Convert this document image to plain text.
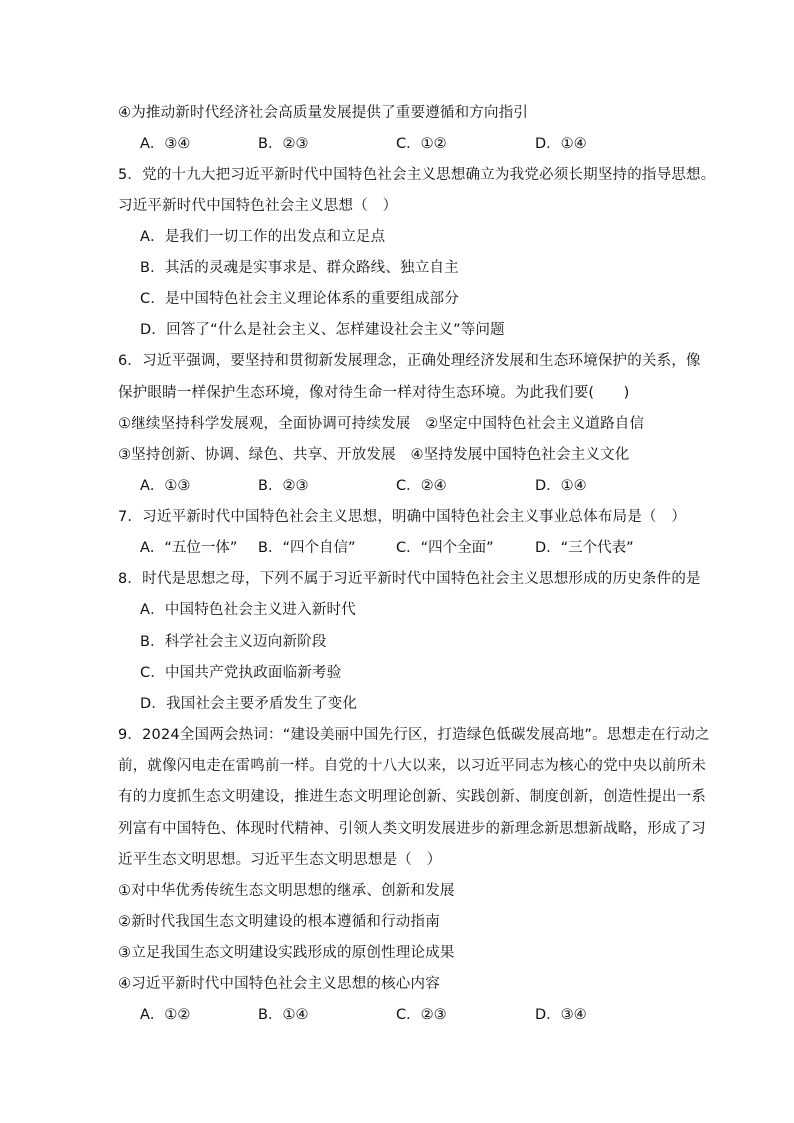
④为推动新时代经济社会高质量发展提供了重要遵循和方向指引
A．③④	B．②③	C．①②	D．①④
5．党的十九大把习近平新时代中国特色社会主义思想确立为我党必须长期坚持的指导思想。
习近平新时代中国特色社会主义思想（　）
A．是我们一切工作的出发点和立足点
B．其活的灵魂是实事求是、群众路线、独立自主
C．是中国特色社会主义理论体系的重要组成部分
D．回答了“什么是社会主义、怎样建设社会主义”等问题
6．习近平强调，要坚持和贯彻新发展理念，正确处理经济发展和生态环境保护的关系，像
保护眼睛一样保护生态环境，像对待生命一样对待生态环境。为此我们要(　　)
①继续坚持科学发展观，全面协调可持续发展　②坚定中国特色社会主义道路自信
③坚持创新、协调、绿色、共享、开放发展　④坚持发展中国特色社会主义文化
A．①③	B．②③	C．②④	D．①④
7．习近平新时代中国特色社会主义思想，明确中国特色社会主义事业总体布局是（　）
A．“五位一体” B．“四个自信”	C．“四个全面”	D．“三个代表”
8．时代是思想之母，下列不属于习近平新时代中国特色社会主义思想形成的历史条件的是
A．中国特色社会主义进入新时代
B．科学社会主义迈向新阶段
C．中国共产党执政面临新考验
D．我国社会主要矛盾发生了变化
9．2024全国两会热词：“建设美丽中国先行区，打造绿色低碳发展高地”。思想走在行动之
前，就像闪电走在雷鸣前一样。自党的十八大以来，以习近平同志为核心的党中央以前所未
有的力度抓生态文明建设，推进生态文明理论创新、实践创新、制度创新，创造性提出一系
列富有中国特色、体现时代精神、引领人类文明发展进步的新理念新思想新战略，形成了习
近平生态文明思想。习近平生态文明思想是（　）
①对中华优秀传统生态文明思想的继承、创新和发展
②新时代我国生态文明建设的根本遵循和行动指南
③立足我国生态文明建设实践形成的原创性理论成果
④习近平新时代中国特色社会主义思想的核心内容
A．①②	B．①④	C．②③	D．③④
